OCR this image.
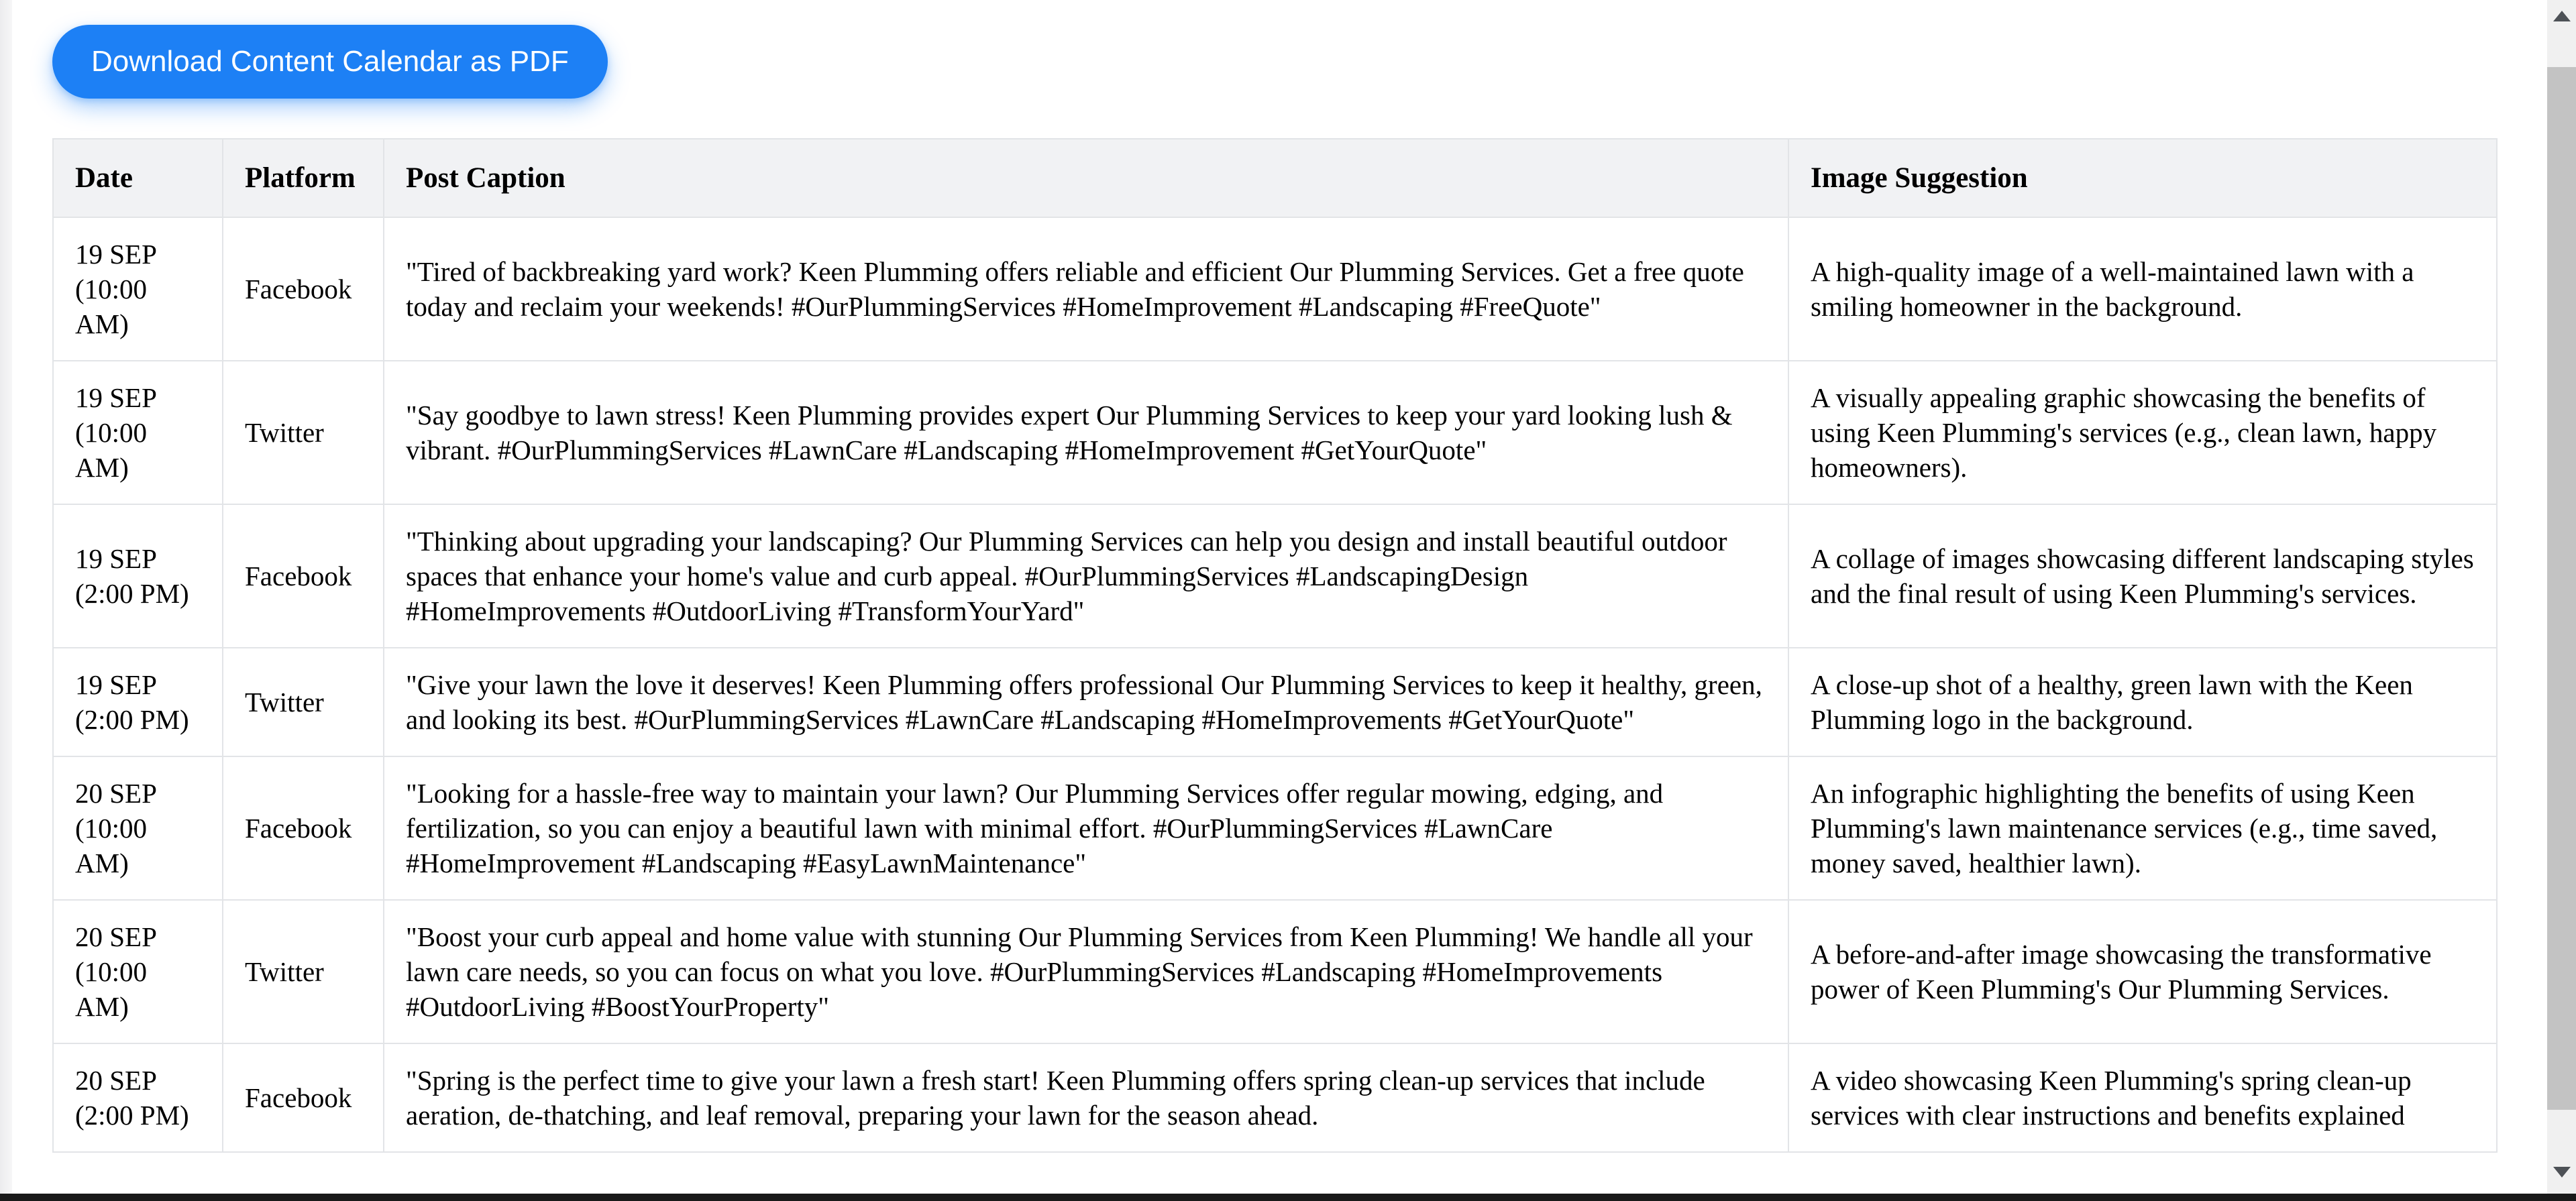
Download Content Calendar as PDF
Date	Platform	Post Caption	Image Suggestion
19 SEP (10:00 AM)	Facebook	"Tired of backbreaking yard work? Keen Plumming offers reliable and efficient Our Plumming Services. Get a free quote today and reclaim your weekends! #OurPlummingServices #HomeImprovement #Landscaping #FreeQuote"	A high-quality image of a well-maintained lawn with a smiling homeowner in the background.
19 SEP (10:00 AM)	Twitter	"Say goodbye to lawn stress! Keen Plumming provides expert Our Plumming Services to keep your yard looking lush & vibrant. #OurPlummingServices #LawnCare #Landscaping #HomeImprovement #GetYourQuote"	A visually appealing graphic showcasing the benefits of using Keen Plumming's services (e.g., clean lawn, happy homeowners).
19 SEP (2:00 PM)	Facebook	"Thinking about upgrading your landscaping? Our Plumming Services can help you design and install beautiful outdoor spaces that enhance your home's value and curb appeal. #OurPlummingServices #LandscapingDesign #HomeImprovements #OutdoorLiving #TransformYourYard"	A collage of images showcasing different landscaping styles and the final result of using Keen Plumming's services.
19 SEP (2:00 PM)	Twitter	"Give your lawn the love it deserves! Keen Plumming offers professional Our Plumming Services to keep it healthy, green, and looking its best. #OurPlummingServices #LawnCare #Landscaping #HomeImprovements #GetYourQuote"	A close-up shot of a healthy, green lawn with the Keen Plumming logo in the background.
20 SEP (10:00 AM)	Facebook	"Looking for a hassle-free way to maintain your lawn? Our Plumming Services offer regular mowing, edging, and fertilization, so you can enjoy a beautiful lawn with minimal effort. #OurPlummingServices #LawnCare #HomeImprovement #Landscaping #EasyLawnMaintenance"	An infographic highlighting the benefits of using Keen Plumming's lawn maintenance services (e.g., time saved, money saved, healthier lawn).
20 SEP (10:00 AM)	Twitter	"Boost your curb appeal and home value with stunning Our Plumming Services from Keen Plumming! We handle all your lawn care needs, so you can focus on what you love. #OurPlummingServices #Landscaping #HomeImprovements #OutdoorLiving #BoostYourProperty"	A before-and-after image showcasing the transformative power of Keen Plumming's Our Plumming Services.
20 SEP (2:00 PM)	Facebook	"Spring is the perfect time to give your lawn a fresh start! Keen Plumming offers spring clean-up services that include aeration, de-thatching, and leaf removal, preparing your lawn for the season ahead.	A video showcasing Keen Plumming's spring clean-up services with clear instructions and benefits explained
